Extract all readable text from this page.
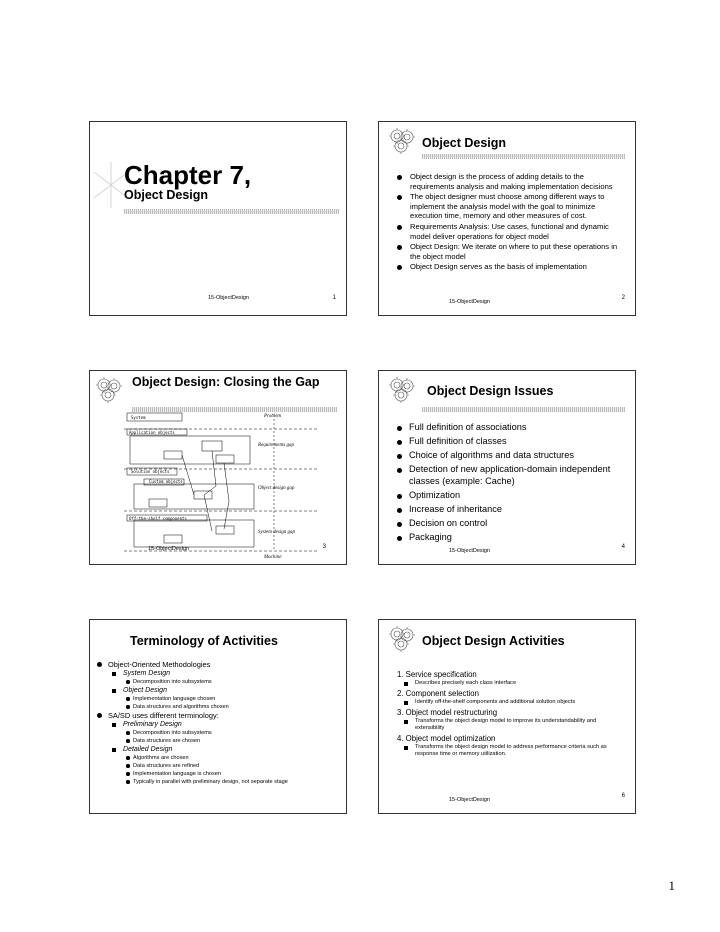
Chapter 7,
Object Design
15-ObjectDesign	1
Object Design
Object design is the process of adding details to the requirements analysis and making implementation decisions
The object designer must choose among different ways to implement the analysis model with the goal to minimize execution time, memory and other measures of cost.
Requirements Analysis: Use cases, functional and dynamic model deliver operations for object model
Object Design: We iterate on where to put these operations in the object model
Object Design serves as the basis of implementation
15-ObjectDesign
2
Object Design: Closing the Gap
System
Application objects
Solution objects
Custom objects
Off-the-shelf components
Problem
Requirements gap
Object design gap
System design gap
Machine
15-ObjectDesign	3
Object Design Issues
Full definition of associations
Full definition of classes
Choice of algorithms and data structures
Detection of new application-domain independent classes (example: Cache)
Optimization
Increase of inheritance
Decision on control
Packaging
15-ObjectDesign
4
Terminology of Activities
Object-Oriented Methodologies
System Design
Decomposition into subsystems
Object Design
Implementation language chosen
Data structures and algorithms chosen
SA/SD uses different terminology:
Preliminary Design
Decomposition into subsystems
Data structures are chosen
Detailed Design
Algorithms are chosen
Data structures are refined
Implementation language is chosen
Typically in parallel with preliminary design, not separate stage
Object Design Activities
1. Service specification
Describes precisely each class interface
2. Component selection
Identify off-the-shelf components and additional solution objects
3. Object model restructuring
Transforms the object design model to improve its understandability and extensibility
4. Object model optimization
Transforms the object design model to address performance criteria such as response time or memory utilization.
15-ObjectDesign
6
1
